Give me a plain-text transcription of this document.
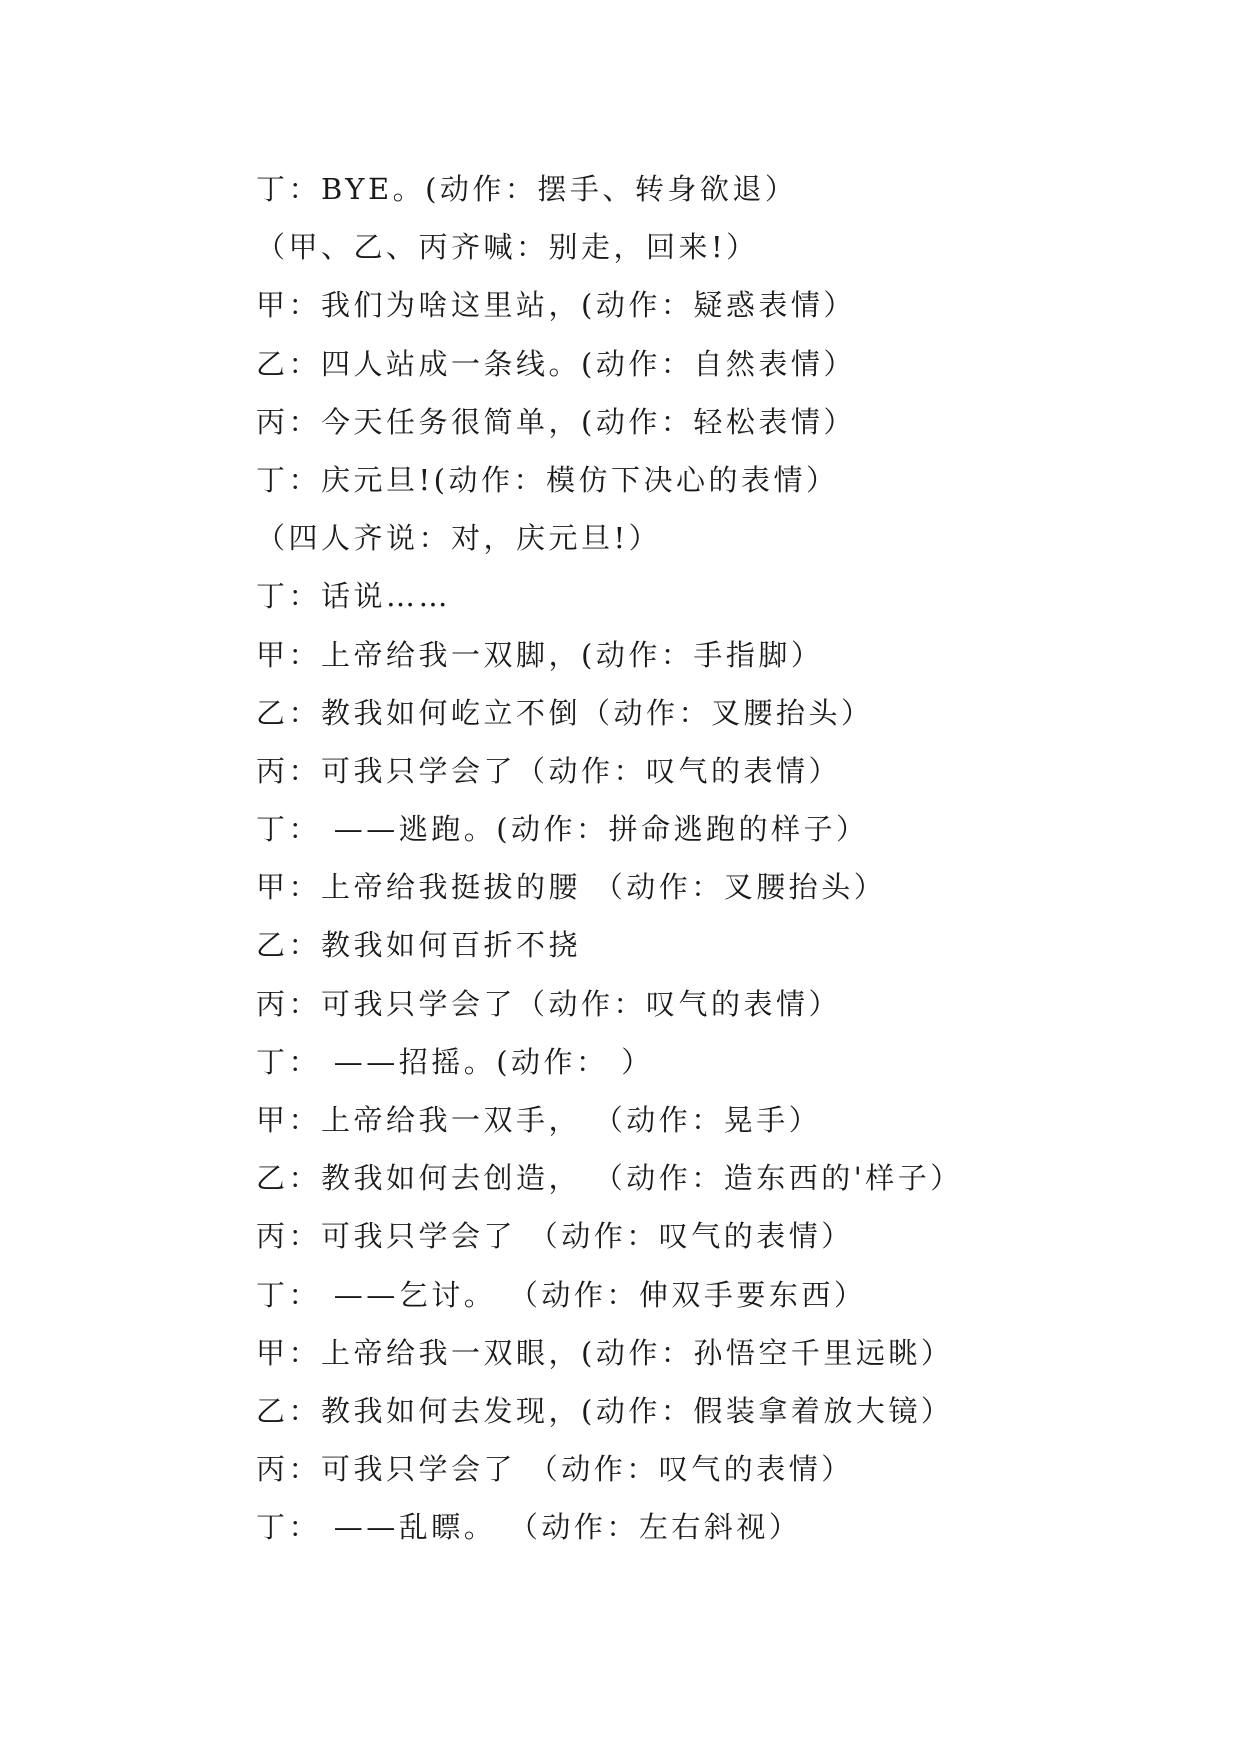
丁：BYE。(动作：摆手、转身欲退）
（甲、乙、丙齐喊：别走，回来!）
甲：我们为啥这里站，(动作：疑惑表情）
乙：四人站成一条线。(动作：自然表情）
丙：今天任务很简单，(动作：轻松表情）
丁：庆元旦!(动作：模仿下决心的表情）
（四人齐说：对，庆元旦!）
丁：话说……
甲：上帝给我一双脚，(动作：手指脚）
乙：教我如何屹立不倒（动作：叉腰抬头）
丙：可我只学会了（动作：叹气的表情）
丁： ——逃跑。(动作：拼命逃跑的样子）
甲：上帝给我挺拔的腰 （动作：叉腰抬头）
乙：教我如何百折不挠
丙：可我只学会了（动作：叹气的表情）
丁： ——招摇。(动作： ）
甲：上帝给我一双手， （动作：晃手）
乙：教我如何去创造， （动作：造东西的'样子）
丙：可我只学会了 （动作：叹气的表情）
丁： ——乞讨。 （动作：伸双手要东西）
甲：上帝给我一双眼，(动作：孙悟空千里远眺）
乙：教我如何去发现，(动作：假装拿着放大镜）
丙：可我只学会了 （动作：叹气的表情）
丁： ——乱瞟。 （动作：左右斜视）
